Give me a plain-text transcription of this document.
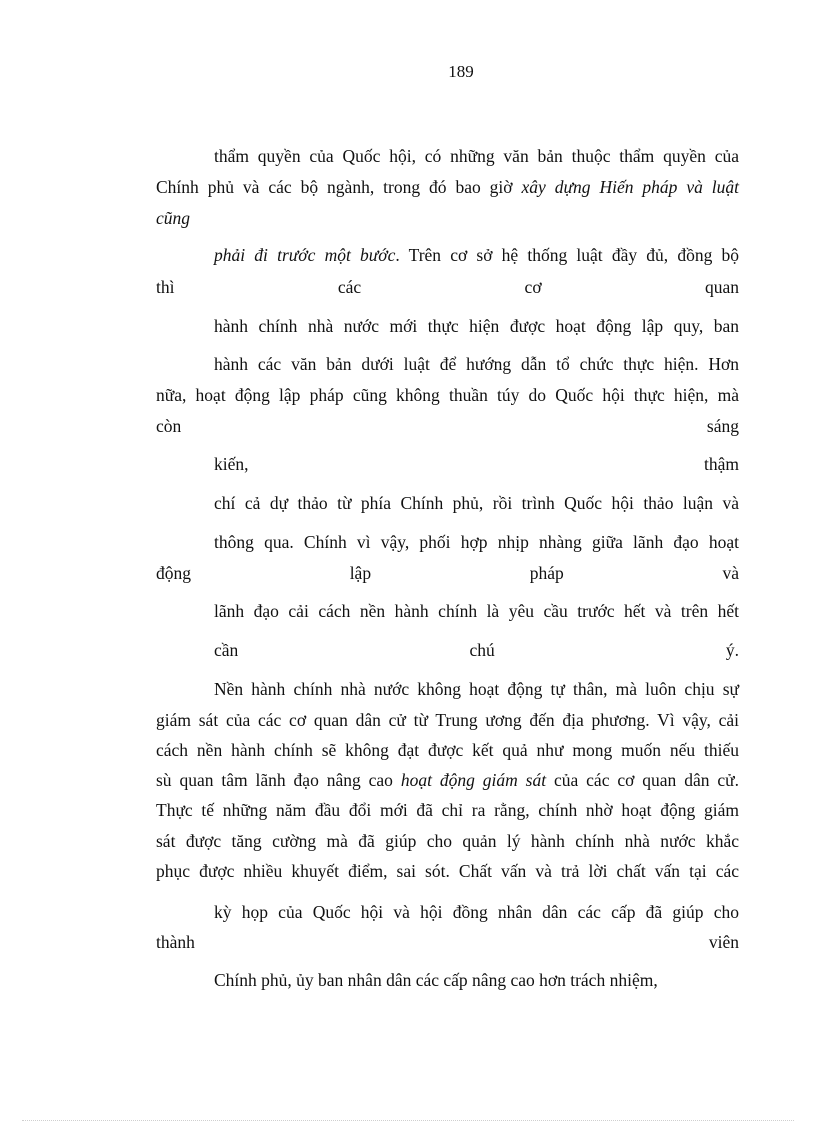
189
thẩm quyền của Quốc hội, có những văn bản thuộc thẩm quyền của
Chính phủ và các bộ ngành, trong đó bao giờ xây dựng Hiến pháp và luật
cũng
phải đi trước một bước. Trên cơ sở hệ thống luật đầy đủ, đồng bộ
thì các cơ quan
hành chính nhà nước mới thực hiện được hoạt động lập quy, ban
hành các văn bản dưới luật để hướng dẫn tổ chức thực hiện. Hơn
nữa, hoạt động lập pháp cũng không thuần túy do Quốc hội thực hiện, mà
còn sáng
kiến, thậm
chí cả dự thảo từ phía Chính phủ, rồi trình Quốc hội thảo luận và
thông qua. Chính vì vậy, phối hợp nhịp nhàng giữa lãnh đạo hoạt
động lập pháp và
lãnh đạo cải cách nền hành chính là yêu cầu trước hết và trên hết
cần chú ý.
Nền hành chính nhà nước không hoạt động tự thân, mà luôn chịu sự
giám sát của các cơ quan dân cử từ Trung ương đến địa phương. Vì vậy, cải
cách nền hành chính sẽ không đạt được kết quả như mong muốn nếu thiếu
sù quan tâm lãnh đạo nâng cao hoạt động giám sát của các cơ quan dân cử.
Thực tế những năm đầu đổi mới đã chỉ ra rằng, chính nhờ hoạt động giám
sát được tăng cường mà đã giúp cho quản lý hành chính nhà nước khắc
phục được nhiều khuyết điểm, sai sót. Chất vấn và trả lời chất vấn tại các
kỳ họp của Quốc hội và hội đồng nhân dân các cấp đã giúp cho
thành viên
Chính phủ, ủy ban nhân dân các cấp nâng cao hơn trách nhiệm,
